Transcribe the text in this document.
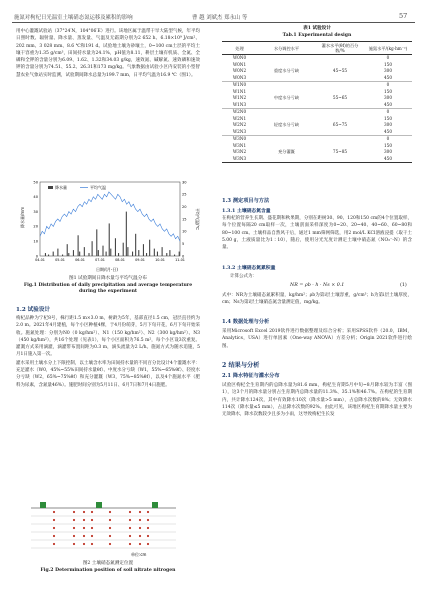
施氮对枸杞日光温室土壤硝态氮运移及累积的影响	曹 越 刘斌杰 郑永山 等	57

用中心灌溉试验站（37°24′N，104°06′E）进行。该地区属于温带干旱大陆型气候，年平均日照时数、辐射量、降水量、蒸发量、气温及无霜期分别为2 652 h、6.18×10⁹ J/cm²、202 mm、3 028 mm、8.6 ℃和191 d。试验地土壤为砂壤土，0~100 cm土层的平均土壤干容重为1.35 g/cm³，田间持水量为24.1%，pH值为8.11，耕层土壤有机质、全氮、全磷和全钾的含量分别为6.09、1.62、1.32和34.03 g/kg，速效氮、碱解氮、速效磷和速效钾的含量分别为74.51、55.2、26.31和173 mg/kg。气象数据由试验小区内安装的小型智慧农业气象站实时监测，试验期间降水总量为199.7 mm，日平均气温为16.9 ℃（图1）。

0
10
20
30
40
50
0
5
10
15
20
25
30
04-01	05-01	06-01	07-01	08-01	09-01	10-01	11-01
降水量	平均气温
降水量/mm	平均气温/℃
日期/(月-日)
图1 试验期间日降水量与平均气温分布
Fig.1 Distribution of daily precipitation and average temperature during the experiment
1.2 试验设计

枸杞品种为宁杞8号，株行距1.5 m×3.0 m，树龄为5年，基部直径1.5 cm，冠层直径约为2.0 m。2021年4月建植，每个小区种植4棵，于4月份萌芽，5月下旬开花，6月下旬开始采收。施氮处理：分别为N0（0 kg/hm²）、N1（150 kg/hm²）、N2（300 kg/hm²）、N3（450 kg/hm²），共16个处理（见表1），每个小区面积为76.5 m²，每个小区设3次重复。灌溉方式采用滴灌，滴灌带布置间距为0.3 m，滴头流量为2 L/h。施氮方式为随水追施，5月1日施入第一次。

灌水采用土壤水分上下限控制，以土壤含水率为田间持水量的不同百分比设计4个灌溉水平：充足灌水（W0，45%~55%田间持水量θf）、中度水分亏缺（W1，55%~65%θf）、轻度水分亏缺（W2，65%~75%θf）和充分灌溉（W3，75%~85%θf），以及4个施氮水平（肥料为尿素，含氮量46%）。施肥时间分别为5月11日、6月7日和7月4日施肥。

单位:cm
图2 土壤硝态氮测定位置
Fig.2 Determination position of soil nitrate nitrogen
表1 试验设计
Tab.1 Experimental design
处理	水分调控水平	灌水水平(θf)的百分数/%	施氮水平/(kg·hm⁻²)
W0N0			0
W0N1			150
W0N2	重度水分亏缺	45~55	300
W0N3			450
W1N0			0
W1N1			150
W1N2	中度水分亏缺	55~65	300
W1N3			450
W2N0			0
W2N1			150
W2N2	轻度水分亏缺	65~75	300
W2N3			450
W3N0			0
W3N1			150
W3N2	充分灌溉	75~85	300
W3N3			450
1.3 测定项目与方法
1.3.1 土壤硝态氮含量

在枸杞的营养生长期、盛花期和秋果期，分别在距树30、90、120和150 cm的4个位置取样，每个位置每隔20 cm取样一次，土壤剖面采样深度为0~20、20~40、40~60、60~80和80~100 cm。土壤样品自然风干后，通过1 mm筛网筛选，用2 mol/L KCl溶液浸提（取干土5.00 g，土液质量比为1∶10），随后，使用分光光度计测定土壤中硝态氮（NO₃⁻-N）的含量。

1.3.2 土壤硝态氮累积量
计算公式为：
NR = ρb · h · Ns × 0.1	(1)

式中：NR为土壤硝态氮累积量，kg/hm²；ρb为第i层土壤容重，g/cm³；h为第i层土壤厚度，cm；Ns为第i层土壤硝态氮含量测定值，mg/kg。

1.4 数据处理与分析

采用Microsoft Excel 2019软件进行数据整理及综合分析；采用SPSS软件（20.0，IBM，Analytics，USA）进行单因素（One-way ANOVA）方差分析；Origin 2021软件进行绘图。

2 结果与分析
2.1 降水特征与灌水分布

试验区枸杞全生育期内的总降水量为81.6 mm，枸杞生育期5月中旬~8月降水较为丰富（图1），这3个月的降水量分别占生育期内总降水量的11.3%、35.1%和46.7%。在枸杞的生育期内，共计降水124次，其中有效降水10次（降水量>5 mm），占总降水次数的8%；无效降水114次（降水量≤5 mm），占总降水次数的92%。由此可见，该地区枸杞生育期降水量主要为无效降水，降水次数较少且多为小雨，这导致枸杞生长发
